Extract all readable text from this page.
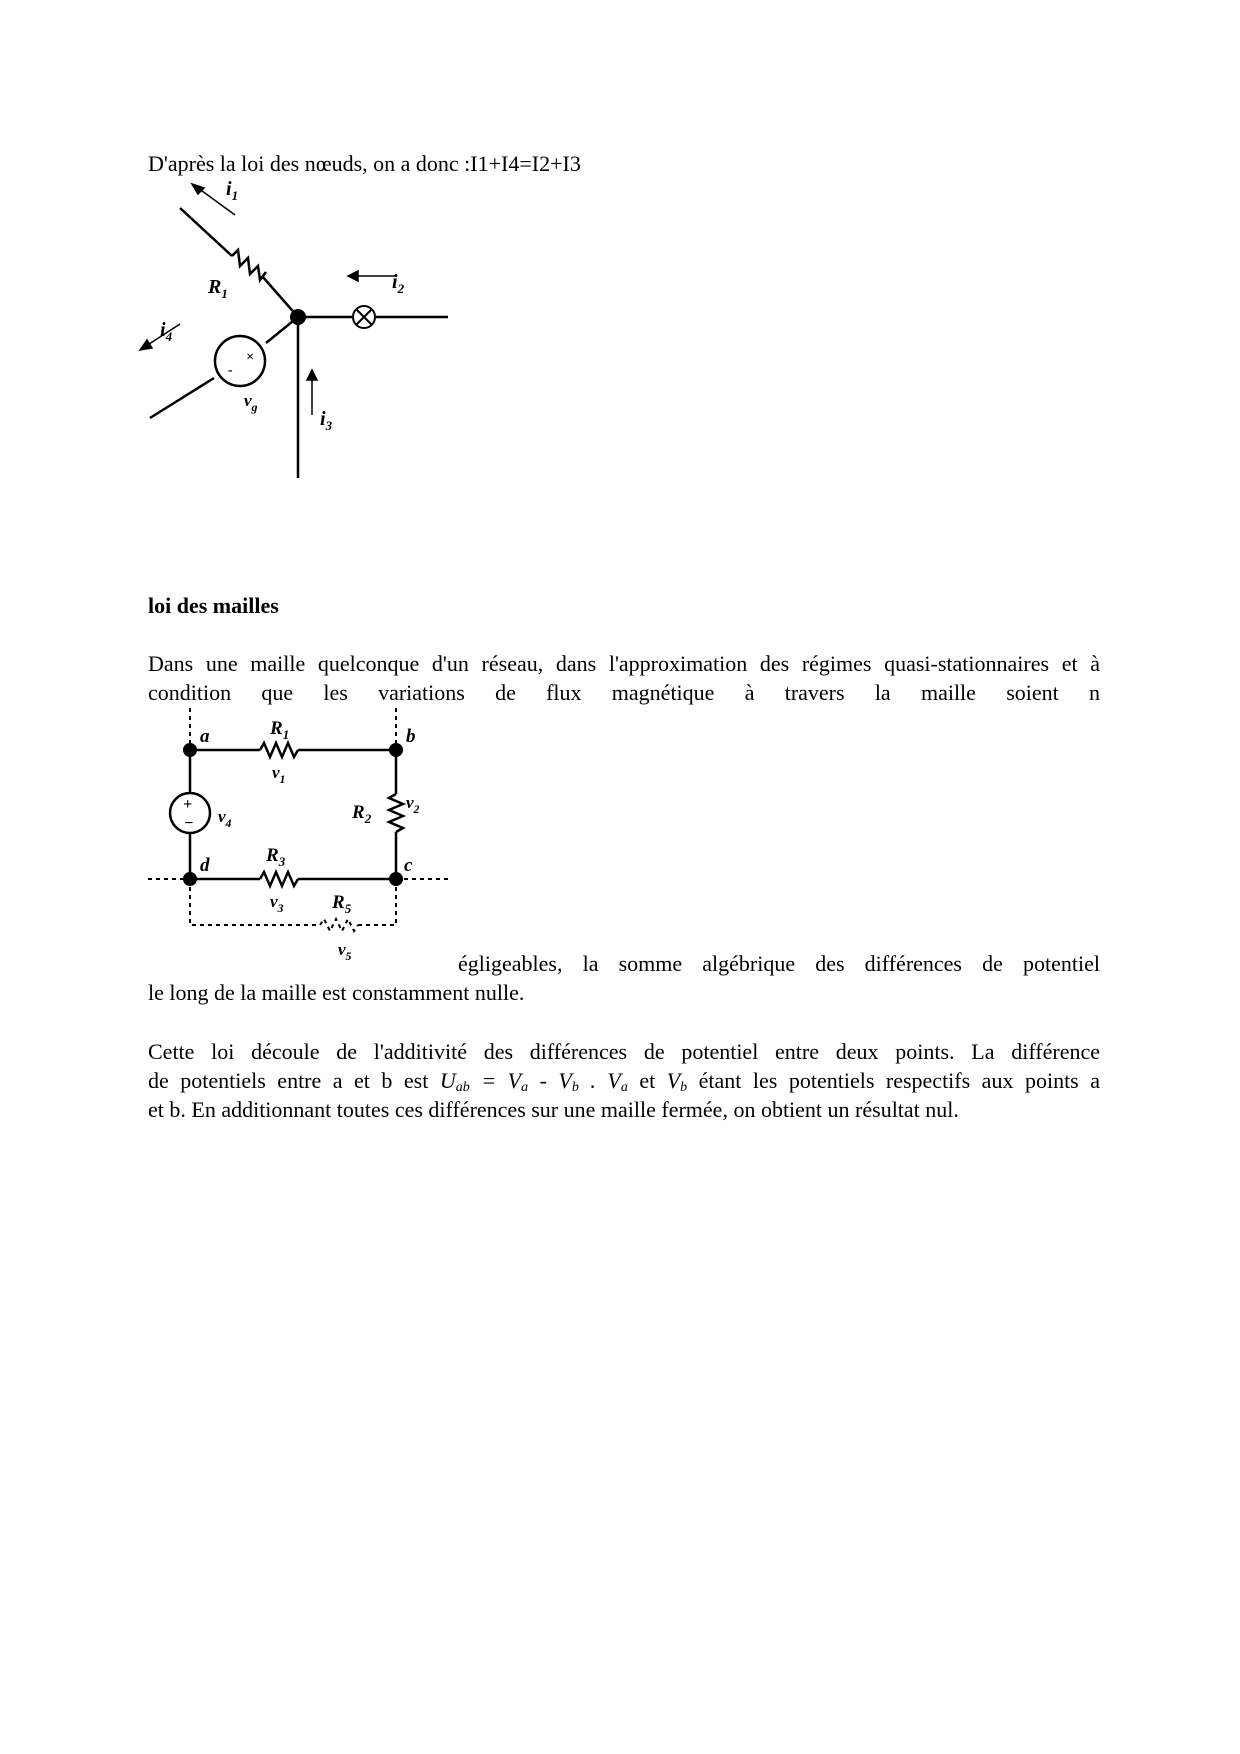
D'après la loi des nœuds, on a donc :I1+I4=I2+I3

×
-
$i_1$
$i_2$
$i_3$
$i_4$
$R_1$
$v_g$

loi des mailles

Dans une maille quelconque d'un réseau, dans l'approximation des régimes quasi-stationnaires et à condition que les variations de flux magnétique à travers la maille soient n

+
−
a	b
c
d
$R_1$
$v_1$
$R_2$
$v_2$
$R_3$
$v_3$
$v_4$
$R_5$
$v_5$	égligeables, la somme algébrique des différences de potentiel
le long de la maille est constamment nulle.
Cette loi découle de l'additivité des différences de potentiel entre deux points. La différence
de potentiels entre a et b est $U_{ab} = V_a - V_b$ . $V_a$ et $V_b$ étant les potentiels respectifs aux points a
et b. En additionnant toutes ces différences sur une maille fermée, on obtient un résultat nul.
